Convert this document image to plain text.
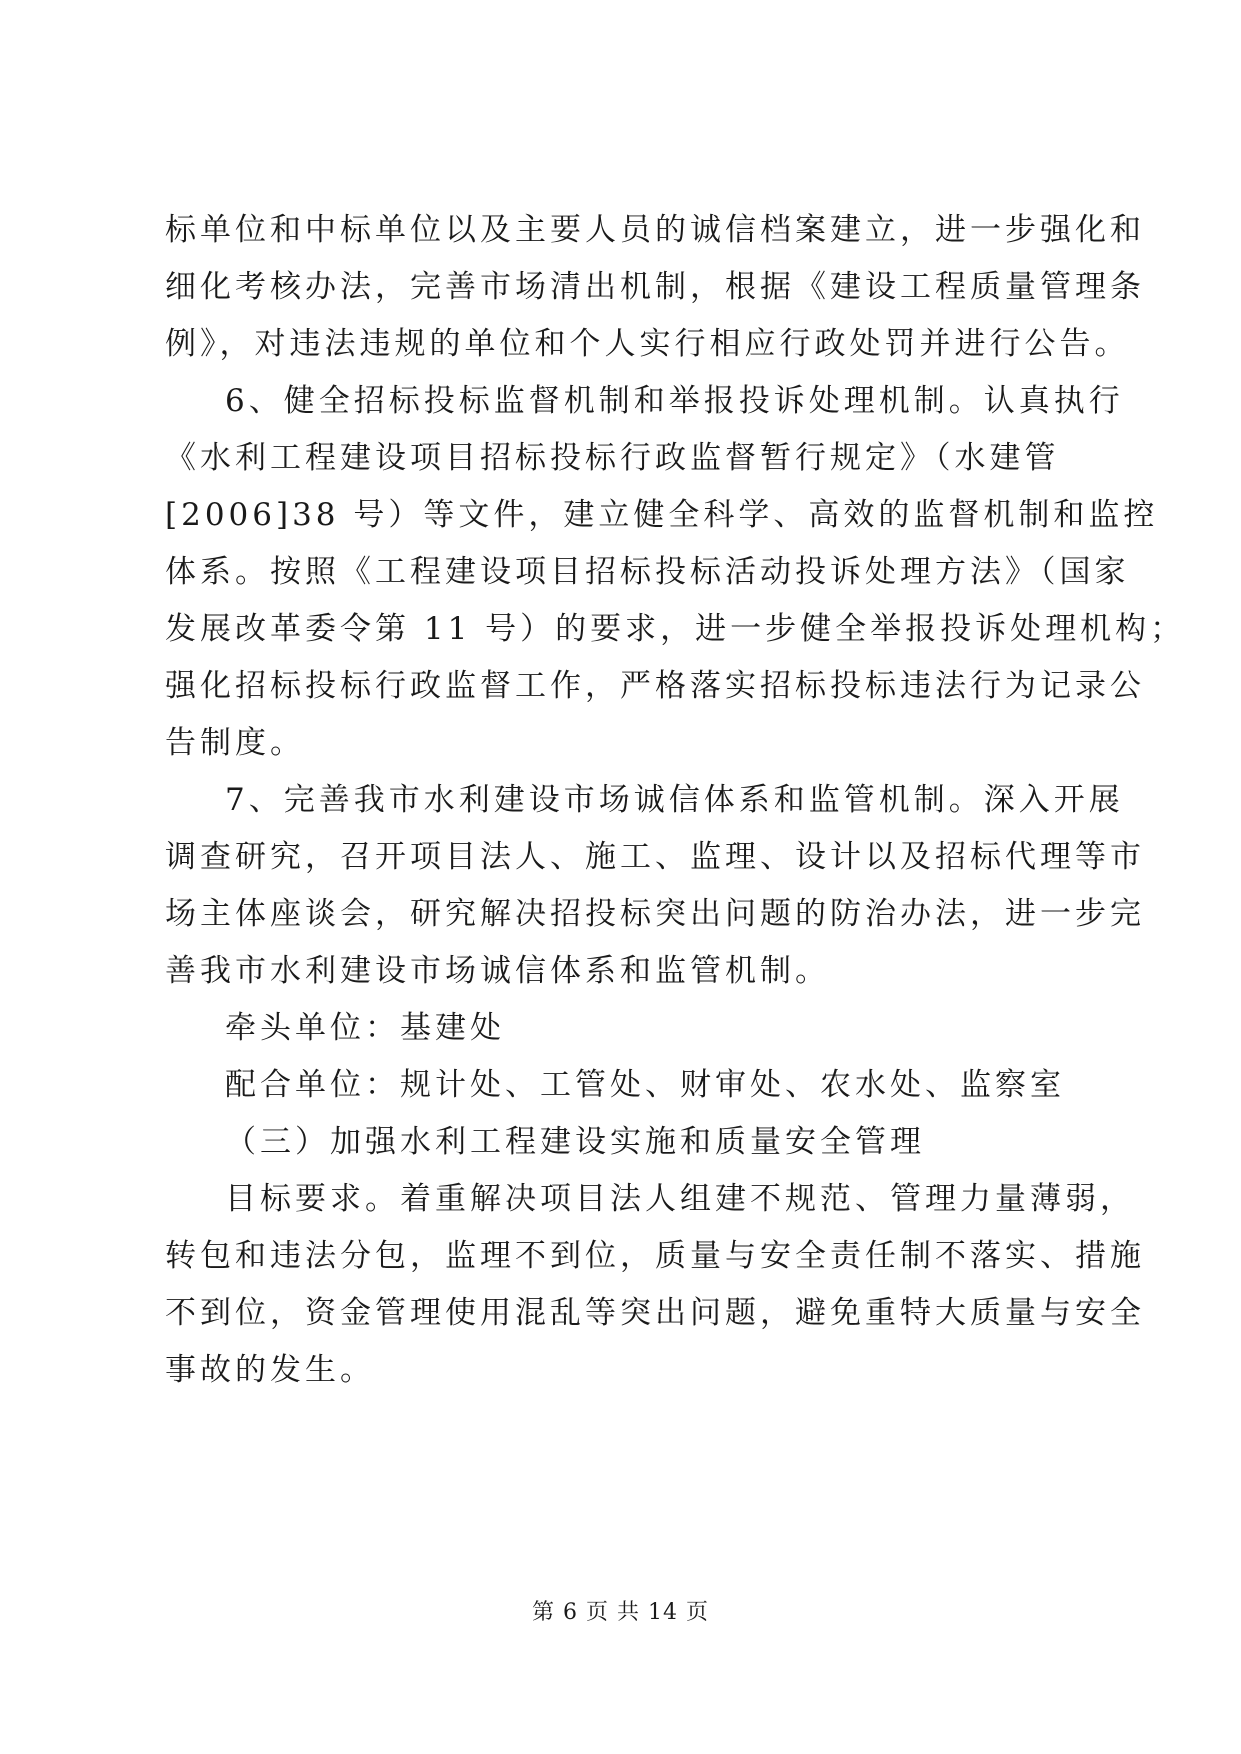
标单位和中标单位以及主要人员的诚信档案建立，进一步强化和
细化考核办法，完善市场清出机制，根据《建设工程质量管理条
例》，对违法违规的单位和个人实行相应行政处罚并进行公告。
6、健全招标投标监督机制和举报投诉处理机制。认真执行
《水利工程建设项目招标投标行政监督暂行规定》（水建管
[2006]38 号）等文件，建立健全科学、高效的监督机制和监控
体系。按照《工程建设项目招标投标活动投诉处理方法》（国家
发展改革委令第 11 号）的要求，进一步健全举报投诉处理机构；
强化招标投标行政监督工作，严格落实招标投标违法行为记录公
告制度。
7、完善我市水利建设市场诚信体系和监管机制。深入开展
调查研究，召开项目法人、施工、监理、设计以及招标代理等市
场主体座谈会，研究解决招投标突出问题的防治办法，进一步完
善我市水利建设市场诚信体系和监管机制。
牵头单位：基建处
配合单位：规计处、工管处、财审处、农水处、监察室
（三）加强水利工程建设实施和质量安全管理
目标要求。着重解决项目法人组建不规范、管理力量薄弱，
转包和违法分包，监理不到位，质量与安全责任制不落实、措施
不到位，资金管理使用混乱等突出问题，避免重特大质量与安全
事故的发生。
第 6 页 共 14 页
